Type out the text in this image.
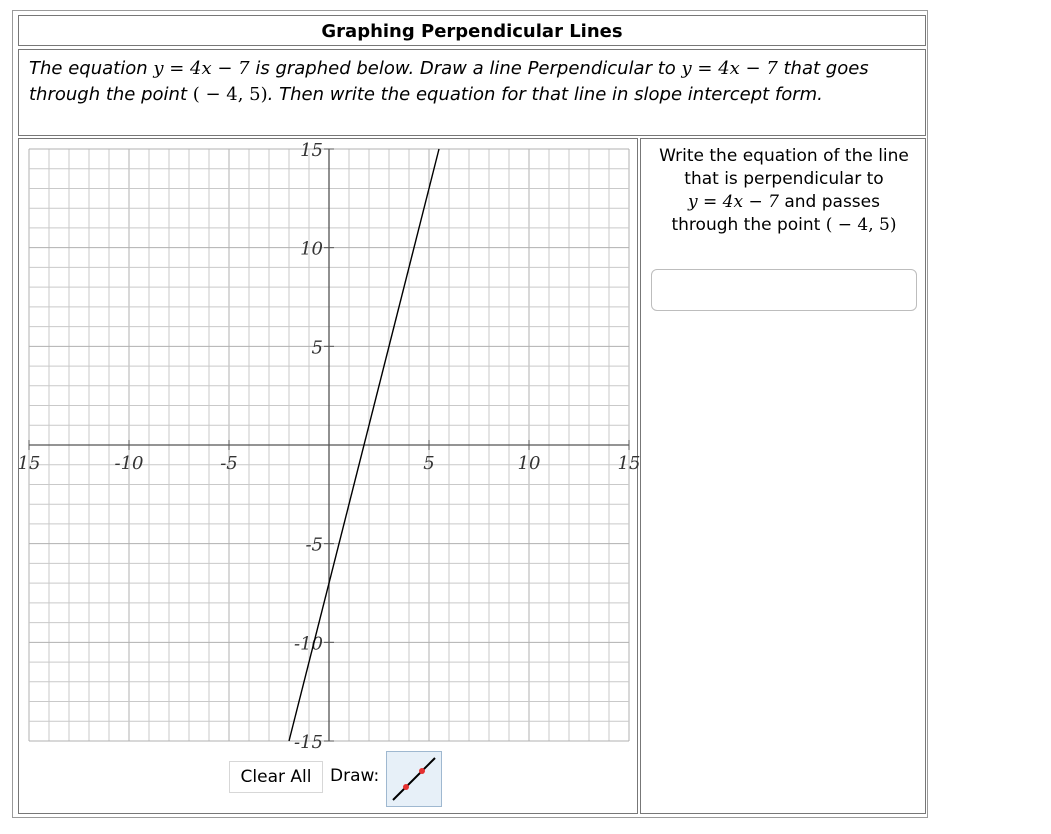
Graphing Perpendicular Lines
The equation y = 4x − 7 is graphed below. Draw a line Perpendicular to y = 4x − 7 that goes
through the point ( − 4, 5). Then write the equation for that line in slope intercept form.
15	-10	-5	5	10	15
-15
-10
-5
5
10
15
Clear All	Draw:
Write the equation of the line
that is perpendicular to
y = 4x − 7 and passes
through the point ( − 4, 5)
